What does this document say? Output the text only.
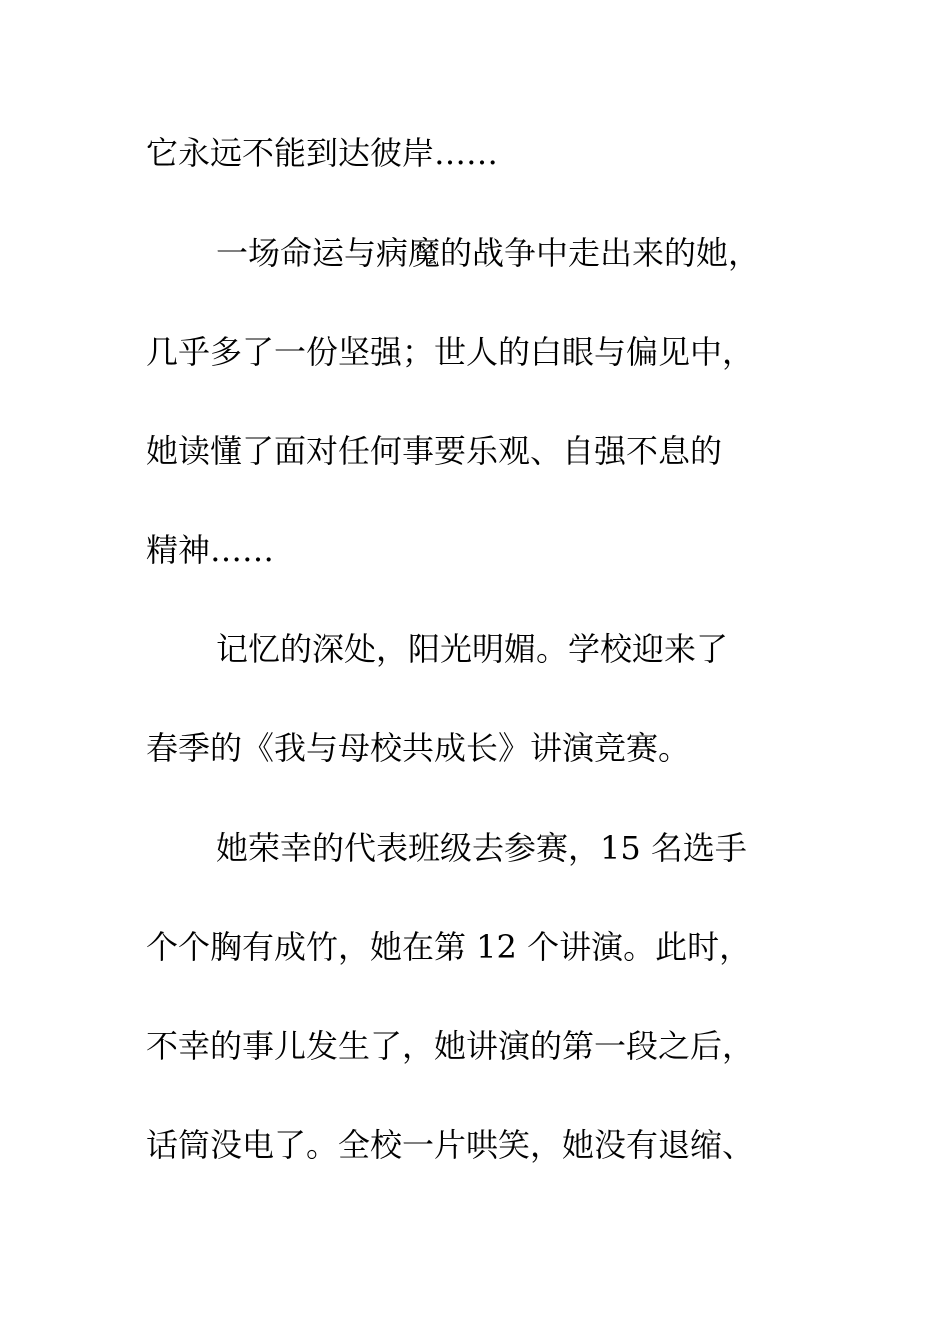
它永远不能到达彼岸……
一场命运与病魔的战争中走出来的她，
几乎多了一份坚强；世人的白眼与偏见中，
她读懂了面对任何事要乐观、自强不息的
精神……
记忆的深处，阳光明媚。学校迎来了
春季的《我与母校共成长》讲演竞赛。
她荣幸的代表班级去参赛，15 名选手
个个胸有成竹，她在第 12 个讲演。此时，
不幸的事儿发生了，她讲演的第一段之后，
话筒没电了。全校一片哄笑，她没有退缩、
